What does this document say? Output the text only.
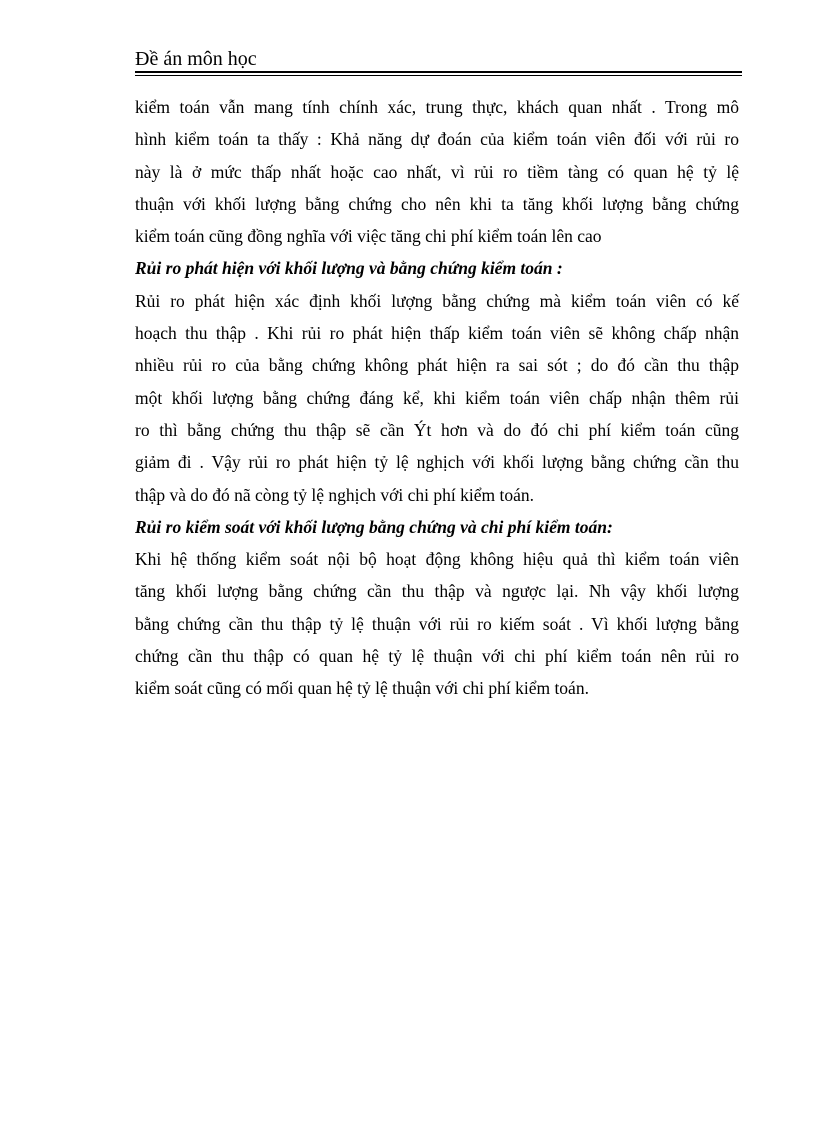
Đề án môn học
kiểm toán vẫn mang tính chính xác, trung thực, khách quan nhất . Trong mô
hình kiểm toán ta thấy : Khả năng dự đoán của kiểm toán viên đối với rủi ro
này là ở mức thấp nhất hoặc cao nhất, vì rủi ro tiềm tàng có quan hệ tỷ lệ
thuận với khối lượng bằng chứng cho nên khi ta tăng khối lượng bằng chứng
kiểm toán cũng đồng nghĩa với việc tăng chi phí kiểm toán lên cao
Rủi ro phát hiện với khối lượng và bằng chứng kiểm toán :
Rủi ro phát hiện xác định khối lượng bằng chứng mà kiểm toán viên có kế
hoạch thu thập . Khi rủi ro phát hiện thấp kiểm toán viên sẽ không chấp nhận
nhiều rủi ro của bằng chứng không phát hiện ra sai sót ; do đó cần thu thập
một khối lượng bằng chứng đáng kể, khi kiểm toán viên chấp nhận thêm rủi
ro thì bằng chứng thu thập sẽ cần Ýt hơn và do đó chi phí kiểm toán cũng
giảm đi . Vậy rủi ro phát hiện tỷ lệ nghịch với khối lượng bằng chứng cần thu
thập và do đó nã còng tỷ lệ nghịch với chi phí kiểm toán.
Rủi ro kiểm soát với khối lượng bằng chứng và chi phí kiểm toán:
Khi hệ thống kiểm soát nội bộ hoạt động không hiệu quả thì kiểm toán viên
tăng khối lượng bằng chứng cần thu thập và ngược lại. Nh vậy khối lượng
bằng chứng cần thu thập tỷ lệ thuận với rủi ro kiếm soát . Vì khối lượng bằng
chứng cần thu thập có quan hệ tỷ lệ thuận với chi phí kiểm toán nên rủi ro
kiểm soát cũng có mối quan hệ tỷ lệ thuận với chi phí kiểm toán.
